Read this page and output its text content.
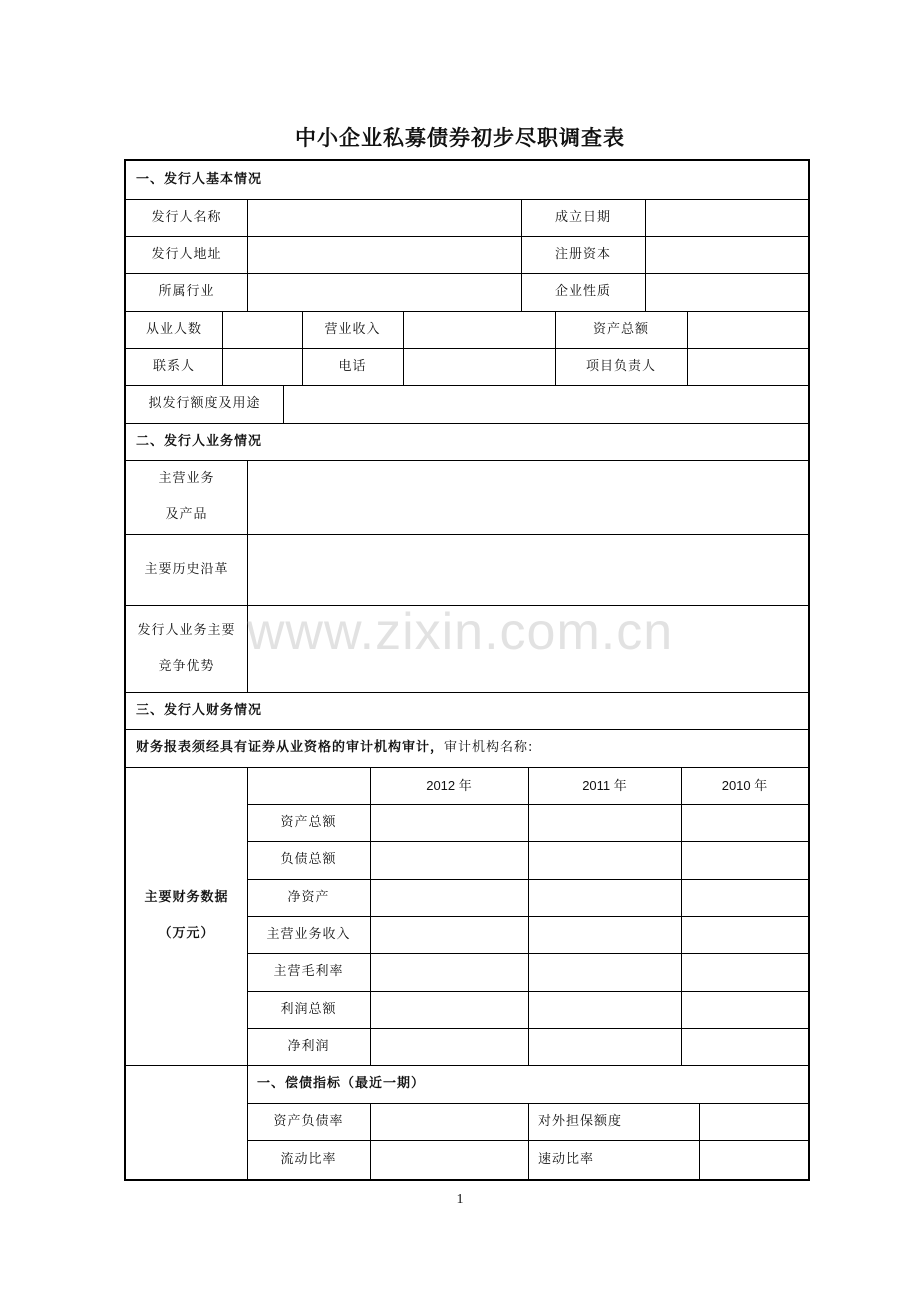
中小企业私募债券初步尽职调查表
一、发行人基本情况
发行人名称	成立日期
发行人地址	注册资本
所属行业	企业性质
从业人数	营业收入	资产总额
联系人	电话	项目负责人
拟发行额度及用途
二、发行人业务情况
主营业务
及产品
主要历史沿革
发行人业务主要
竞争优势
三、发行人财务情况
财务报表须经具有证券从业资格的审计机构审计， 审计机构名称:
主要财务数据
（万元）
2012 年	2011 年	2010 年
资产总额
负债总额
净资产
主营业务收入
主营毛利率
利润总额
净利润
一、偿债指标（最近一期）
资产负债率	对外担保额度
流动比率	速动比率
www.zixin.com.cn
1
